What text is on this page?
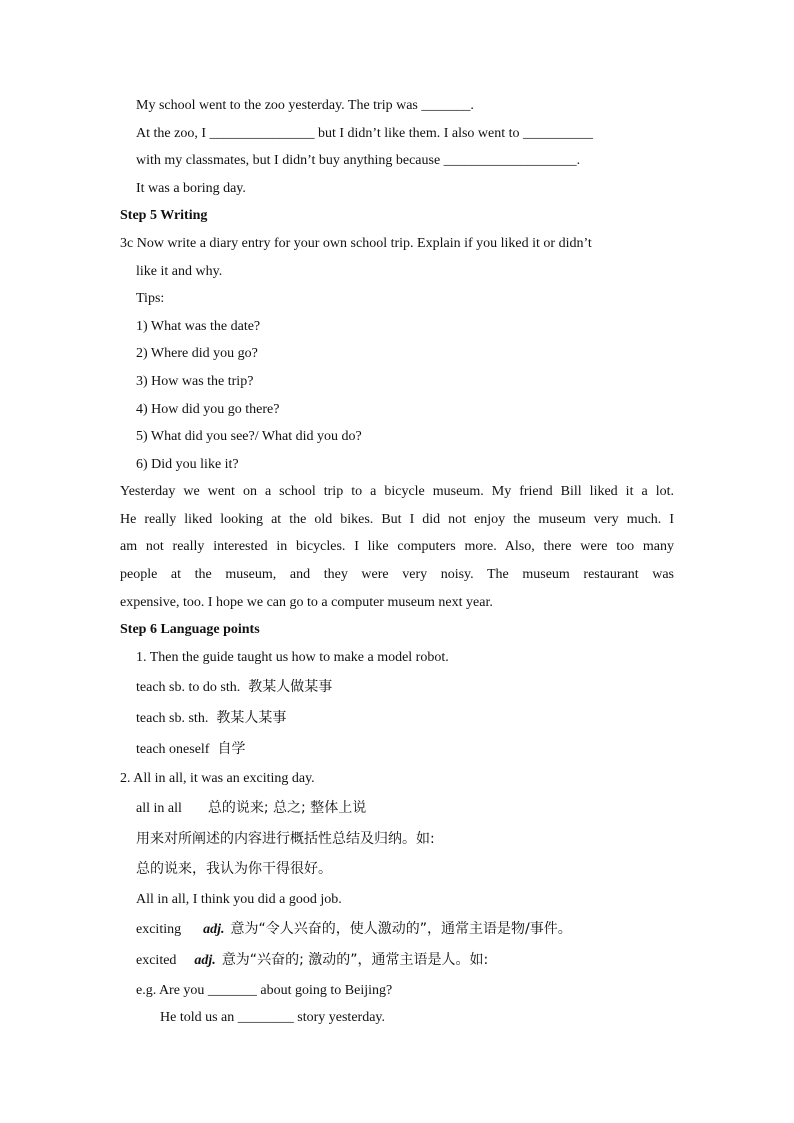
My school went to the zoo yesterday. The trip was _______.
At the zoo, I _______________ but I didn’t like them. I also went to __________
with my classmates, but I didn’t buy anything because ___________________.
It was a boring day.
Step 5 Writing
3c Now write a diary entry for your own school trip. Explain if you liked it or didn’t
like it and why.
Tips:
1) What was the date?
2) Where did you go?
3) How was the trip?
4) How did you go there?
5) What did you see?/ What did you do?
6) Did you like it?
Yesterday we went on a school trip to a bicycle museum. My friend Bill liked it a lot.
He really liked looking at the old bikes. But I did not enjoy the museum very much. I
am not really interested in bicycles. I like computers more. Also, there were too many
people at the museum, and they were very noisy. The museum restaurant was
expensive, too. I hope we can go to a computer museum next year.
Step 6 Language points
1. Then the guide taught us how to make a model robot.
teach sb. to do sth. 教某人做某事
teach sb. sth. 教某人某事
teach oneself 自学
2. All in all, it was an exciting day.
all in all 总的说来; 总之; 整体上说
用来对所阐述的内容进行概括性总结及归纳。如:
总的说来，我认为你干得很好。
All in all, I think you did a good job.
exciting adj. 意为“令人兴奋的，使人激动的”，通常主语是物/事件。
excited adj. 意为“兴奋的; 激动的”，通常主语是人。如:
e.g. Are you _______ about going to Beijing?
He told us an ________ story yesterday.
